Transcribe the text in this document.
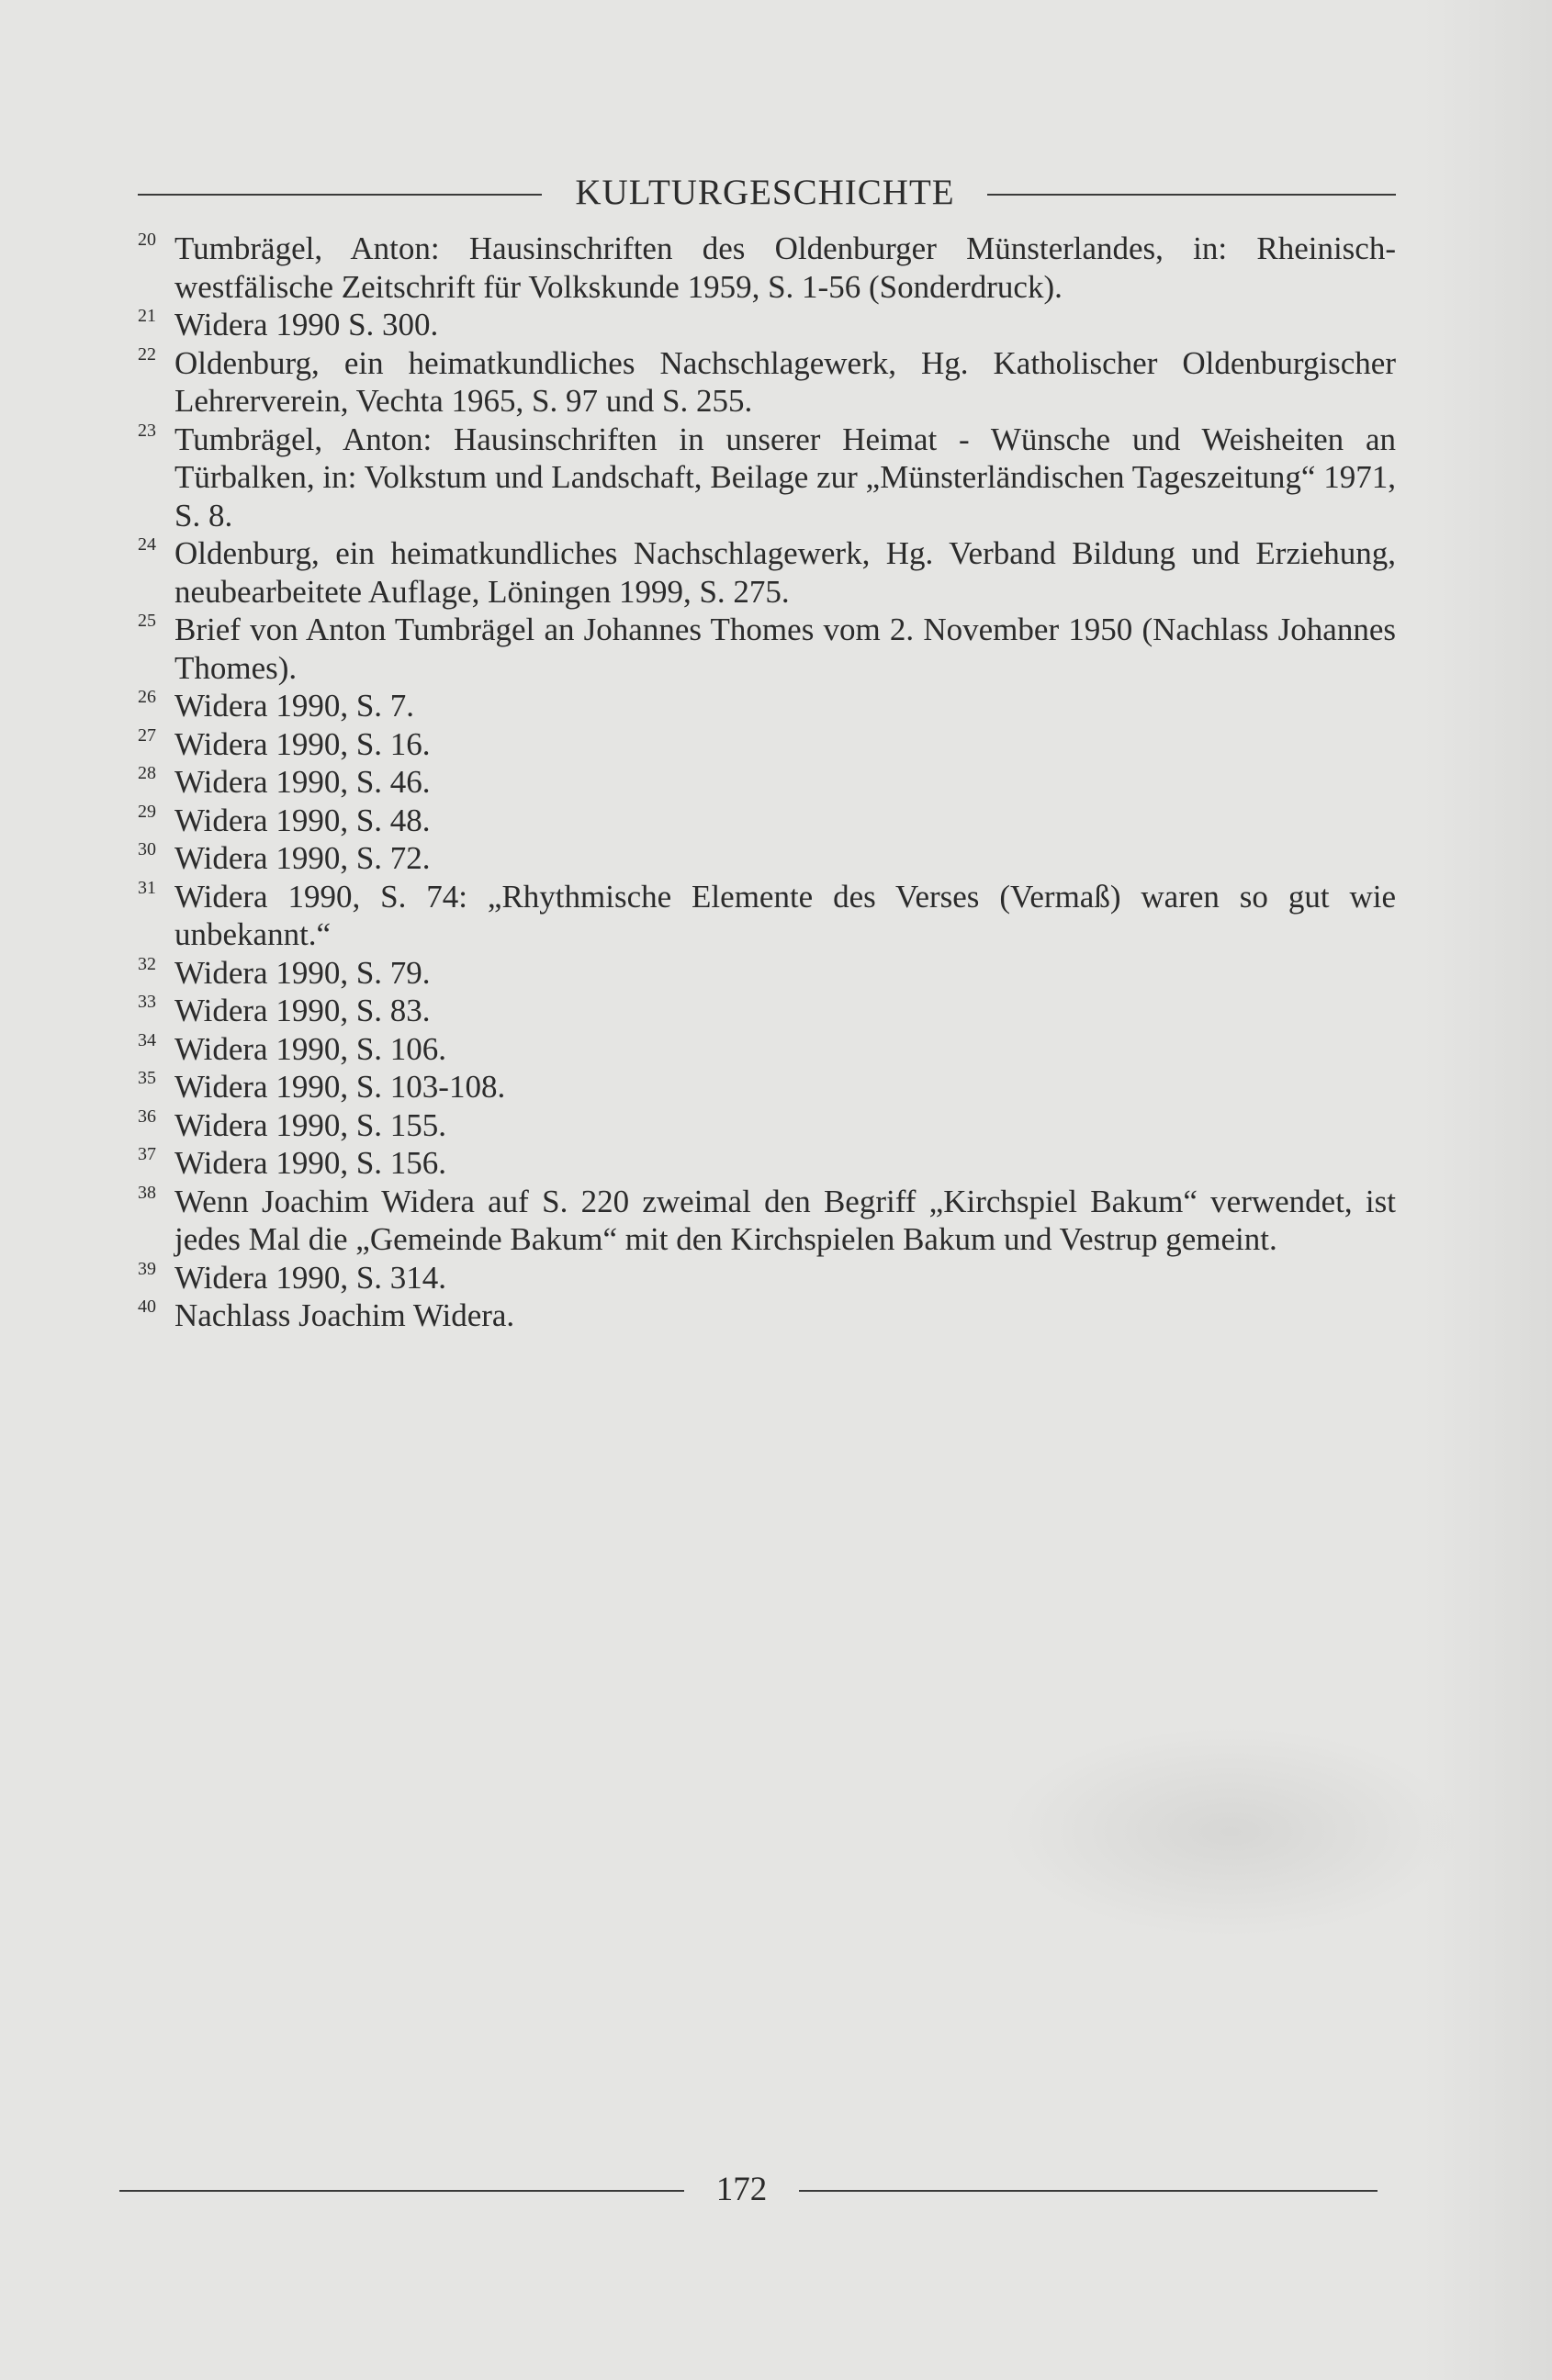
KULTURGESCHICHTE
20 Tumbrägel, Anton: Hausinschriften des Oldenburger Münsterlandes, in: Rheinisch-westfälische Zeitschrift für Volkskunde 1959, S. 1-56 (Sonderdruck).
21 Widera 1990 S. 300.
22 Oldenburg, ein heimatkundliches Nachschlagewerk, Hg. Katholischer Oldenburgischer Lehrerverein, Vechta 1965, S. 97 und S. 255.
23 Tumbrägel, Anton: Hausinschriften in unserer Heimat - Wünsche und Weisheiten an Türbalken, in: Volkstum und Landschaft, Beilage zur „Münsterländischen Tageszeitung“ 1971, S. 8.
24 Oldenburg, ein heimatkundliches Nachschlagewerk, Hg. Verband Bildung und Erziehung, neubearbeitete Auflage, Löningen 1999, S. 275.
25 Brief von Anton Tumbrägel an Johannes Thomes vom 2. November 1950 (Nachlass Johannes Thomes).
26 Widera 1990, S. 7.
27 Widera 1990, S. 16.
28 Widera 1990, S. 46.
29 Widera 1990, S. 48.
30 Widera 1990, S. 72.
31 Widera 1990, S. 74: „Rhythmische Elemente des Verses (Vermaß) waren so gut wie unbekannt.“
32 Widera 1990, S. 79.
33 Widera 1990, S. 83.
34 Widera 1990, S. 106.
35 Widera 1990, S. 103-108.
36 Widera 1990, S. 155.
37 Widera 1990, S. 156.
38 Wenn Joachim Widera auf S. 220 zweimal den Begriff „Kirchspiel Bakum“ verwendet, ist jedes Mal die „Gemeinde Bakum“ mit den Kirchspielen Bakum und Vestrup gemeint.
39 Widera 1990, S. 314.
40 Nachlass Joachim Widera.
172
